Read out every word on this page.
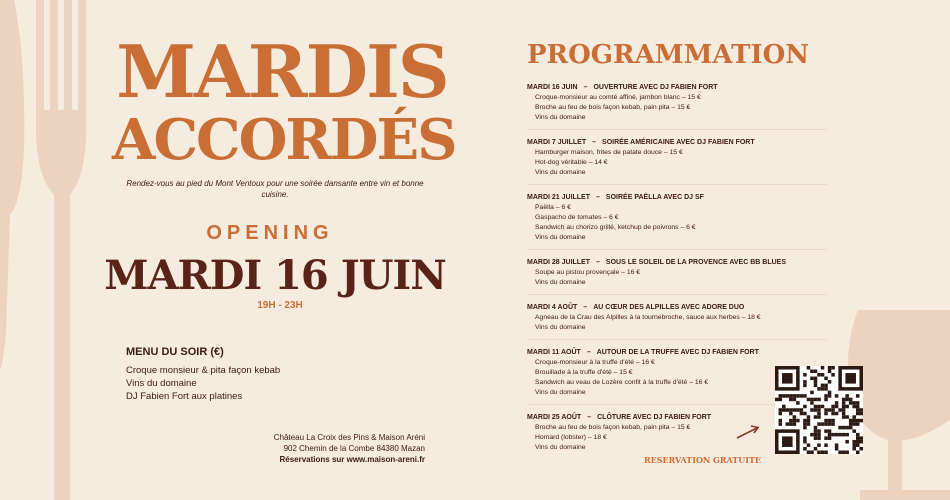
MARDIS
ACCORDÉS
Rendez-vous au pied du Mont Ventoux pour une soirée dansante entre vin et bonne cuisine.
OPENING
MARDI 16 JUIN
19H - 23H
MENU DU SOIR (€)
Croque monsieur & pita façon kebab
Vins du domaine
DJ Fabien Fort aux platines
Château La Croix des Pins & Maison Aréni
902 Chemin de la Combe 84380 Mazan
Réservations sur www.maison-areni.fr
PROGRAMMATION
MARDI 16 JUIN – OUVERTURE AVEC DJ FABIEN FORT
Croque-monsieur au comté affiné, jambon blanc – 15 €
Broche au feu de bois façon kebab, pain pita – 15 €
Vins du domaine
MARDI 7 JUILLET – SOIRÉE AMÉRICAINE AVEC DJ FABIEN FORT
Hamburger maison, frites de patate douce – 15 €
Hot-dog véritable – 14 €
Vins du domaine
MARDI 21 JUILLET – SOIRÉE PAËLLA AVEC DJ SF
Paëlla – 6 €
Gaspacho de tomates – 6 €
Sandwich au chorizo grillé, ketchup de poivrons – 6 €
Vins du domaine
MARDI 28 JUILLET – SOUS LE SOLEIL DE LA PROVENCE AVEC BB BLUES
Soupe au pistou provençale – 16 €
Vins du domaine
MARDI 4 AOÛT – AU CŒUR DES ALPILLES AVEC ADORE DUO
Agneau de la Crau des Alpilles à la tournebroche, sauce aux herbes – 18 €
Vins du domaine
MARDI 11 AOÛT – AUTOUR DE LA TRUFFE AVEC DJ FABIEN FORT
Croque-monsieur à la truffe d'été – 16 €
Brouillade à la truffe d'été – 15 €
Sandwich au veau de Lozère confit à la truffe d'été – 16 €
Vins du domaine
MARDI 25 AOÛT – CLÔTURE AVEC DJ FABIEN FORT
Broche au feu de bois façon kebab, pain pita – 15 €
Homard (lobster) – 18 €
Vins du domaine
RESERVATION GRATUITE
